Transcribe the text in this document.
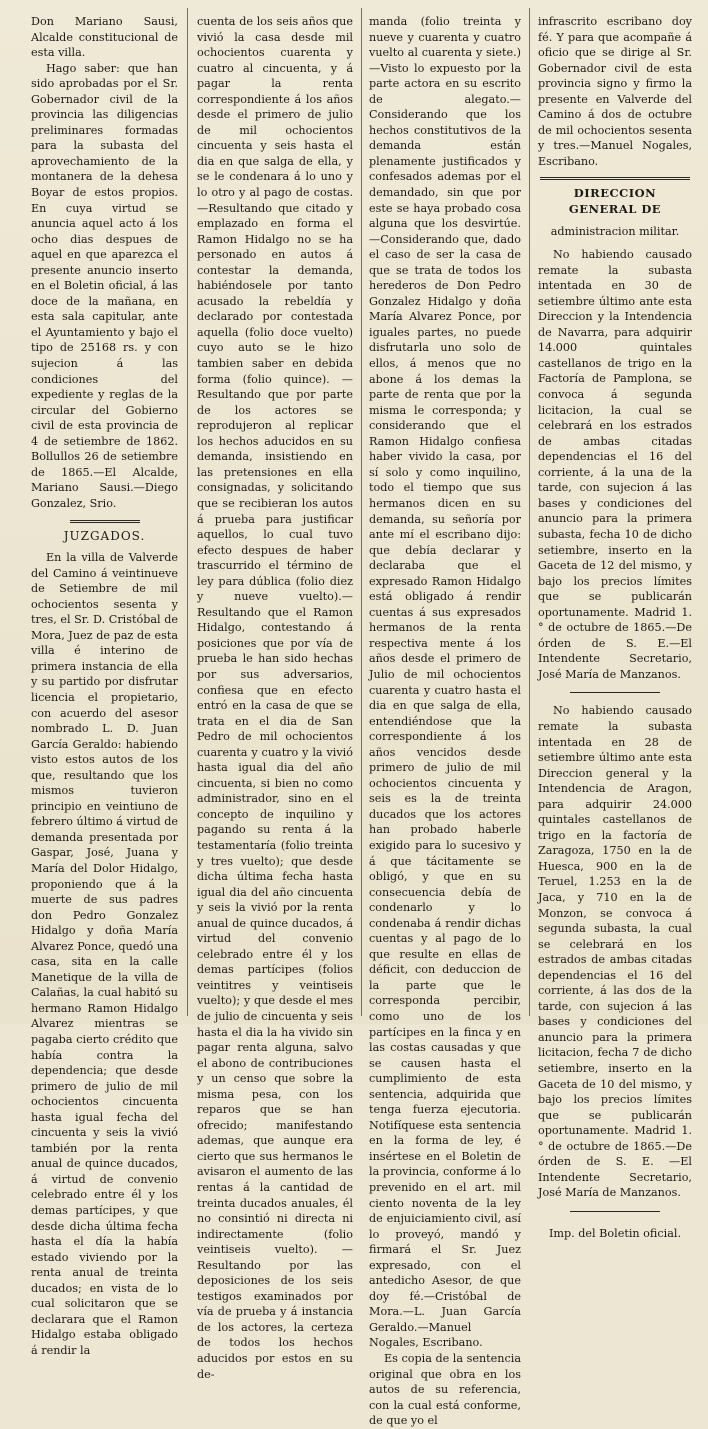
Don Mariano Sausi, Alcalde constitucional de esta villa.

Hago saber: que han sido aprobadas por el Sr. Gobernador civil de la provincia las diligencias preliminares formadas para la subasta del aprovechamiento de la montanera de la dehesa Boyar de estos propios. En cuya virtud se anuncia aquel acto á los ocho dias despues de aquel en que aparezca el presente anuncio inserto en el Boletin oficial, á las doce de la mañana, en esta sala capitular, ante el Ayuntamiento y bajo el tipo de 25168 rs. y con sujecion á las condiciones del expediente y reglas de la circular del Gobierno civil de esta provincia de 4 de setiembre de 1862. Bollullos 26 de setiembre de 1865.—El Alcalde, Mariano Sausi.—Diego Gonzalez, Srio.

JUZGADOS.

En la villa de Valverde del Camino á veintinueve de Setiembre de mil ochocientos sesenta y tres, el Sr. D. Cristóbal de Mora, Juez de paz de esta villa é interino de primera instancia de ella y su partido por disfrutar licencia el propietario, con acuerdo del asesor nombrado L. D. Juan García Geraldo: habiendo visto estos autos de los que, resultando que los mismos tuvieron principio en veintiuno de febrero último á virtud de demanda presentada por Gaspar, José, Juana y María del Dolor Hidalgo, proponiendo que á la muerte de sus padres don Pedro Gonzalez Hidalgo y doña María Alvarez Ponce, quedó una casa, sita en la calle Manetique de la villa de Calañas, la cual habitó su hermano Ramon Hidalgo Alvarez mientras se pagaba cierto crédito que había contra la dependencia; que desde primero de julio de mil ochocientos cincuenta hasta igual fecha del cincuenta y seis la vivió también por la renta anual de quince ducados, á virtud de convenio celebrado entre él y los demas partícipes, y que desde dicha última fecha hasta el día la había estado viviendo por la renta anual de treinta ducados; en vista de lo cual solicitaron que se declarara que el Ramon Hidalgo estaba obligado á rendir la

cuenta de los seis años que vivió la casa desde mil ochocientos cuarenta y cuatro al cincuenta, y á pagar la renta correspondiente á los años desde el primero de julio de mil ochocientos cincuenta y seis hasta el dia en que salga de ella, y se le condenara á lo uno y lo otro y al pago de costas.—Resultando que citado y emplazado en forma el Ramon Hidalgo no se ha personado en autos á contestar la demanda, habiéndosele por tanto acusado la rebeldía y declarado por contestada aquella (folio doce vuelto) cuyo auto se le hizo tambien saber en debida forma (folio quince). —Resultando que por parte de los actores se reprodujeron al replicar los hechos aducidos en su demanda, insistiendo en las pretensiones en ella consignadas, y solicitando que se recibieran los autos á prueba para justificar aquellos, lo cual tuvo efecto despues de haber trascurrido el término de ley para dública (folio diez y nueve vuelto).—Resultando que el Ramon Hidalgo, contestando á posiciones que por vía de prueba le han sido hechas por sus adversarios, confiesa que en efecto entró en la casa de que se trata en el dia de San Pedro de mil ochocientos cuarenta y cuatro y la vivió hasta igual dia del año cincuenta, si bien no como administrador, sino en el concepto de inquilino y pagando su renta á la testamentaría (folio treinta y tres vuelto); que desde dicha última fecha hasta igual dia del año cincuenta y seis la vivió por la renta anual de quince ducados, á virtud del convenio celebrado entre él y los demas partícipes (folios veintitres y veintiseis vuelto); y que desde el mes de julio de cincuenta y seis hasta el dia la ha vivido sin pagar renta alguna, salvo el abono de contribuciones y un censo que sobre la misma pesa, con los reparos que se han ofrecido; manifestando ademas, que aunque era cierto que sus hermanos le avisaron el aumento de las rentas á la cantidad de treinta ducados anuales, él no consintió ni directa ni indirectamente (folio veintiseis vuelto). —Resultando por las deposiciones de los seis testigos examinados por vía de prueba y á instancia de los actores, la certeza de todos los hechos aducidos por estos en su de-

manda (folio treinta y nueve y cuarenta y cuatro vuelto al cuarenta y siete.)—Visto lo expuesto por la parte actora en su escrito de alegato.—Considerando que los hechos constitutivos de la demanda están plenamente justificados y confesados ademas por el demandado, sin que por este se haya probado cosa alguna que los desvirtúe.—Considerando que, dado el caso de ser la casa de que se trata de todos los herederos de Don Pedro Gonzalez Hidalgo y doña María Alvarez Ponce, por iguales partes, no puede disfrutarla uno solo de ellos, á menos que no abone á los demas la parte de renta que por la misma le corresponda; y considerando que el Ramon Hidalgo confiesa haber vivido la casa, por sí solo y como inquilino, todo el tiempo que sus hermanos dicen en su demanda, su señoría por ante mí el escribano dijo: que debía declarar y declaraba que el expresado Ramon Hidalgo está obligado á rendir cuentas á sus expresados hermanos de la renta respectiva mente á los años desde el primero de Julio de mil ochocientos cuarenta y cuatro hasta el dia en que salga de ella, entendiéndose que la correspondiente á los años vencidos desde primero de julio de mil ochocientos cincuenta y seis es la de treinta ducados que los actores han probado haberle exigido para lo sucesivo y á que tácitamente se obligó, y que en su consecuencia debía de condenarlo y lo condenaba á rendir dichas cuentas y al pago de lo que resulte en ellas de déficit, con deduccion de la parte que le corresponda percibir, como uno de los partícipes en la finca y en las costas causadas y que se causen hasta el cumplimiento de esta sentencia, adquirida que tenga fuerza ejecutoria. Notifíquese esta sentencia en la forma de ley, é insértese en el Boletin de la provincia, conforme á lo prevenido en el art. mil ciento noventa de la ley de enjuiciamiento civil, así lo proveyó, mandó y firmará el Sr. Juez expresado, con el antedicho Asesor, de que doy fé.—Cristóbal de Mora.—L. Juan García Geraldo.—Manuel Nogales, Escribano.

Es copia de la sentencia original que obra en los autos de su referencia, con la cual está conforme, de que yo el

infrascrito escribano doy fé. Y para que acompañe á oficio que se dirige al Sr. Gobernador civil de esta provincia signo y firmo la presente en Valverde del Camino á dos de octubre de mil ochocientos sesenta y tres.—Manuel Nogales, Escribano.

DIRECCION GENERAL DE
administracion militar.

No habiendo causado remate la subasta intentada en 30 de setiembre último ante esta Direccion y la Intendencia de Navarra, para adquirir 14.000 quintales castellanos de trigo en la Factoría de Pamplona, se convoca á segunda licitacion, la cual se celebrará en los estrados de ambas citadas dependencias el 16 del corriente, á la una de la tarde, con sujecion á las bases y condiciones del anuncio para la primera subasta, fecha 10 de dicho setiembre, inserto en la Gaceta de 12 del mismo, y bajo los precios límites que se publicarán oportunamente. Madrid 1.° de octubre de 1865.—De órden de S. E.—El Intendente Secretario, José María de Manzanos.

No habiendo causado remate la subasta intentada en 28 de setiembre último ante esta Direccion general y la Intendencia de Aragon, para adquirir 24.000 quintales castellanos de trigo en la factoría de Zaragoza, 1750 en la de Huesca, 900 en la de Teruel, 1.253 en la de Jaca, y 710 en la de Monzon, se convoca á segunda subasta, la cual se celebrará en los estrados de ambas citadas dependencias el 16 del corriente, á las dos de la tarde, con sujecion á las bases y condiciones del anuncio para la primera licitacion, fecha 7 de dicho setiembre, inserto en la Gaceta de 10 del mismo, y bajo los precios límites que se publicarán oportunamente. Madrid 1.° de octubre de 1865.—De órden de S. E. —El Intendente Secretario, José María de Manzanos.

Imp. del Boletin oficial.
